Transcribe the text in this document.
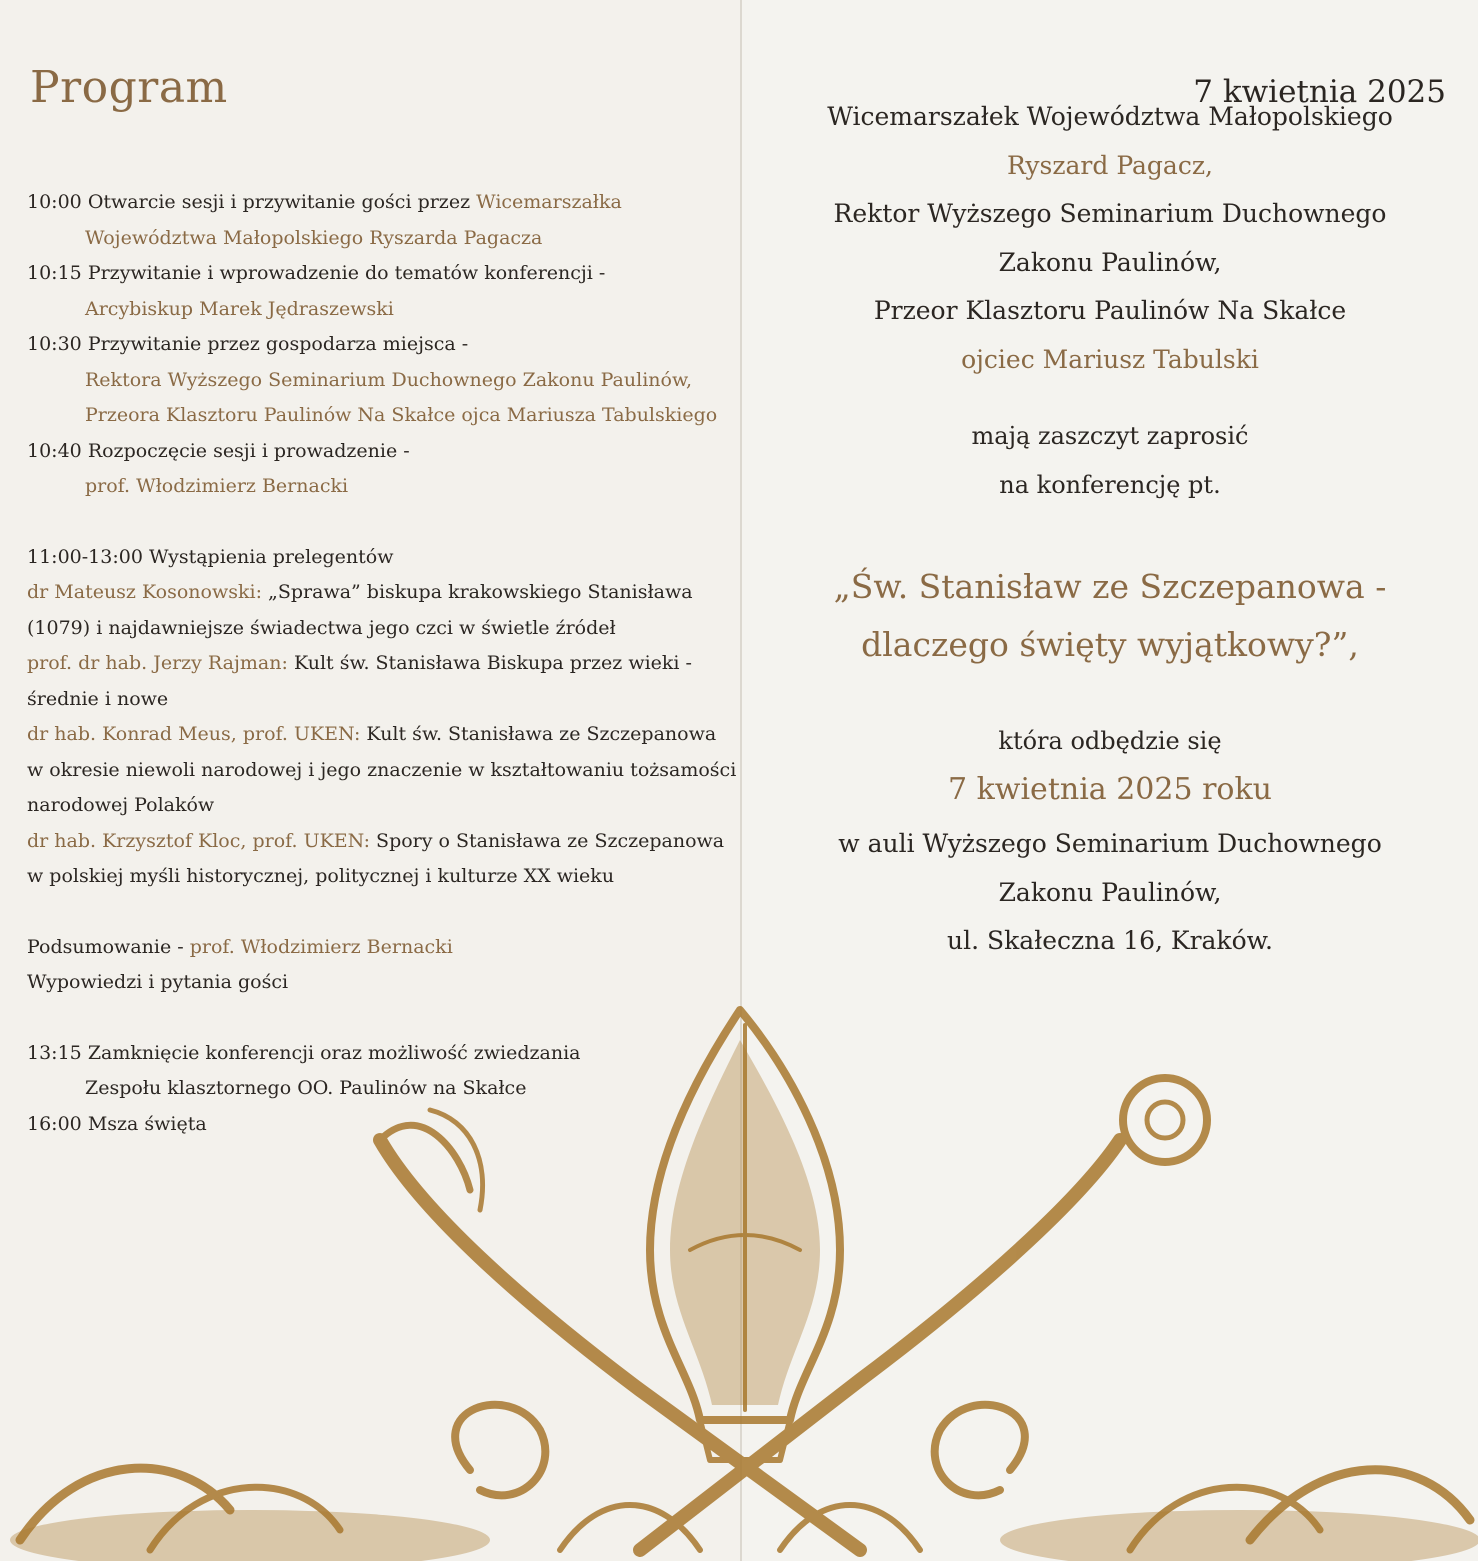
Program	7 kwietnia 2025
10:00 Otwarcie sesji i przywitanie gości przez Wicemarszałka
Województwa Małopolskiego Ryszarda Pagacza
10:15 Przywitanie i wprowadzenie do tematów konferencji -
Arcybiskup Marek Jędraszewski
10:30 Przywitanie przez gospodarza miejsca -
Rektora Wyższego Seminarium Duchownego Zakonu Paulinów,
Przeora Klasztoru Paulinów Na Skałce ojca Mariusza Tabulskiego
10:40 Rozpoczęcie sesji i prowadzenie -
prof. Włodzimierz Bernacki
11:00-13:00 Wystąpienia prelegentów
dr Mateusz Kosonowski: „Sprawa” biskupa krakowskiego Stanisława
(1079) i najdawniejsze świadectwa jego czci w świetle źródeł
prof. dr hab. Jerzy Rajman: Kult św. Stanisława Biskupa przez wieki -
średnie i nowe
dr hab. Konrad Meus, prof. UKEN: Kult św. Stanisława ze Szczepanowa
w okresie niewoli narodowej i jego znaczenie w kształtowaniu tożsamości
narodowej Polaków
dr hab. Krzysztof Kloc, prof. UKEN: Spory o Stanisława ze Szczepanowa
w polskiej myśli historycznej, politycznej i kulturze XX wieku
Podsumowanie - prof. Włodzimierz Bernacki
Wypowiedzi i pytania gości
13:15 Zamknięcie konferencji oraz możliwość zwiedzania
Zespołu klasztornego OO. Paulinów na Skałce
16:00 Msza święta
Wicemarszałek Województwa Małopolskiego
Ryszard Pagacz,
Rektor Wyższego Seminarium Duchownego
Zakonu Paulinów,
Przeor Klasztoru Paulinów Na Skałce
ojciec Mariusz Tabulski
mają zaszczyt zaprosić
na konferencję pt.
„Św. Stanisław ze Szczepanowa -
dlaczego święty wyjątkowy?”,
która odbędzie się
7 kwietnia 2025 roku
w auli Wyższego Seminarium Duchownego
Zakonu Paulinów,
ul. Skałeczna 16, Kraków.
